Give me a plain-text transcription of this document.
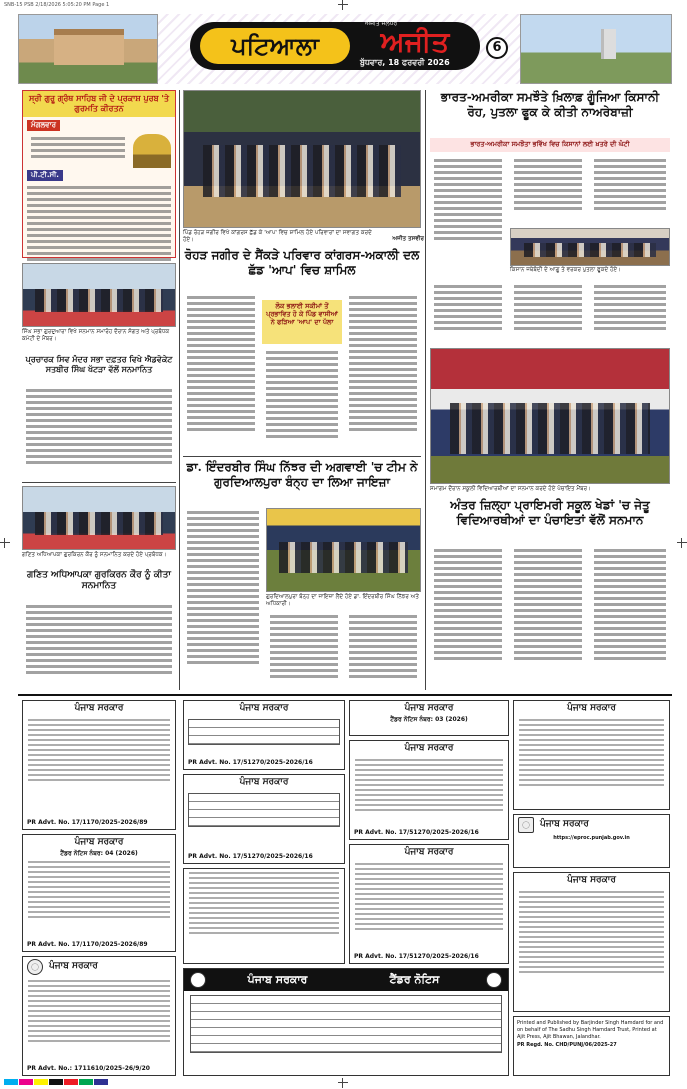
SNB-15 PSB 2/18/2026 5:05:20 PM Page 1
ਪਟਿਆਲਾ
ਅਜੀਤ ਜਲੰਧਰ
ਅਜੀਤ
ਬੁੱਧਵਾਰ, 18 ਫਰਵਰੀ 2026
6
ਸ੍ਰੀ ਗੁਰੂ ਗ੍ਰੰਥ ਸਾਹਿਬ ਜੀ ਦੇ ਪ੍ਰਕਾਸ਼ ਪੁਰਬ 'ਤੇ ਗੁਰਮਤਿ ਕੀਰਤਨ
ਮੰਗਲਵਾਰ
ਪੀ.ਟੀ.ਸੀ.
ਸਿੰਘ ਸਭਾ ਗੁਰਦੁਆਰਾ ਵਿਖੇ ਸਨਮਾਨ ਸਮਾਰੋਹ ਦੌਰਾਨ ਸੰਗਤ ਅਤੇ ਪ੍ਰਬੰਧਕ ਕਮੇਟੀ ਦੇ ਮੈਂਬਰ।
ਪ੍ਰਚਾਰਕ ਸਿਵ ਮੰਦਰ ਸਭਾ ਦਫ਼ਤਰ ਵਿਖੇ ਐਡਵੋਕੇਟ ਸਤਬੀਰ ਸਿੰਘ ਖੱਟੜਾ ਵੱਲੋਂ ਸਨਮਾਨਿਤ
ਗਣਿਤ ਅਧਿਆਪਕਾ ਗੁਰਕਿਰਨ ਕੌਰ ਨੂੰ ਸਨਮਾਨਿਤ ਕਰਦੇ ਹੋਏ ਪ੍ਰਬੰਧਕ।
ਗਣਿਤ ਅਧਿਆਪਕਾ ਗੁਰਕਿਰਨ ਕੌਰ ਨੂੰ ਕੀਤਾ ਸਨਮਾਨਿਤ
ਪਿੰਡ ਰੋਹੜ ਜਗੀਰ ਵਿਖੇ ਕਾਂਗਰਸ ਛੱਡ ਕੇ 'ਆਪ' ਵਿਚ ਸ਼ਾਮਿਲ ਹੋਏ ਪਰਿਵਾਰਾਂ ਦਾ ਸਵਾਗਤ ਕਰਦੇ ਹੋਏ।	ਅਜੀਤ ਤਸਵੀਰ
ਰੋਹੜ ਜਗੀਰ ਦੇ ਸੈਂਕੜੇ ਪਰਿਵਾਰ ਕਾਂਗਰਸ-ਅਕਾਲੀ ਦਲ ਛੱਡ 'ਆਪ' ਵਿਚ ਸ਼ਾਮਿਲ
ਲੋਕ ਭਲਾਈ ਸਕੀਮਾਂ ਤੋਂ ਪ੍ਰਭਾਵਿਤ ਹੋ ਕੇ ਪਿੰਡ ਵਾਸੀਆਂ ਨੇ ਫੜਿਆ 'ਆਪ' ਦਾ ਪੱਲਾ
ਡਾ. ਇੰਦਰਬੀਰ ਸਿੰਘ ਨਿੱਝਰ ਦੀ ਅਗਵਾਈ 'ਚ ਟੀਮ ਨੇ ਗੁਰਦਿਆਲਪੁਰਾ ਬੰਨ੍ਹ ਦਾ ਲਿਆ ਜਾਇਜ਼ਾ
ਗੁਰਦਿਆਲਪੁਰਾ ਬੰਨ੍ਹ ਦਾ ਜਾਇਜ਼ਾ ਲੈਂਦੇ ਹੋਏ ਡਾ. ਇੰਦਰਬੀਰ ਸਿੰਘ ਨਿੱਝਰ ਅਤੇ ਅਧਿਕਾਰੀ।
ਭਾਰਤ-ਅਮਰੀਕਾ ਸਮਝੌਤੇ ਖ਼ਿਲਾਫ਼ ਗੂੰਜਿਆ ਕਿਸਾਨੀ ਰੋਹ, ਪੁਤਲਾ ਫੂਕ ਕੇ ਕੀਤੀ ਨਾਅਰੇਬਾਜ਼ੀ
ਭਾਰਤ-ਅਮਰੀਕਾ ਸਮਝੌਤਾ ਭਵਿੱਖ ਵਿਚ ਕਿਸਾਨਾਂ ਲਈ ਖ਼ਤਰੇ ਦੀ ਘੰਟੀ
ਕਿਸਾਨ ਜਥੇਬੰਦੀ ਦੇ ਆਗੂ ਤੇ ਵਰਕਰ ਪੁਤਲਾ ਫੂਕਦੇ ਹੋਏ।
ਸਮਾਗਮ ਦੌਰਾਨ ਸਕੂਲੀ ਵਿਦਿਆਰਥੀਆਂ ਦਾ ਸਨਮਾਨ ਕਰਦੇ ਹੋਏ ਪੰਚਾਇਤ ਮੈਂਬਰ।
ਅੰਤਰ ਜ਼ਿਲ੍ਹਾ ਪ੍ਰਾਇਮਰੀ ਸਕੂਲ ਖੇਡਾਂ 'ਚ ਜੇਤੂ ਵਿਦਿਆਰਥੀਆਂ ਦਾ ਪੰਚਾਇਤਾਂ ਵੱਲੋਂ ਸਨਮਾਨ
ਪੰਜਾਬ ਸਰਕਾਰ
PR Advt. No. 17/1170/2025-2026/89
ਪੰਜਾਬ ਸਰਕਾਰ
ਟੈਂਡਰ ਨੋਟਿਸ ਨੰਬਰ: 04 (2026)
PR Advt. No. 17/1170/2025-2026/89
ਪੰਜਾਬ ਸਰਕਾਰ
PR Advt. No.: 1711610/2025-26/9/20
ਪੰਜਾਬ ਸਰਕਾਰ
PR Advt. No. 17/51270/2025-2026/16
ਪੰਜਾਬ ਸਰਕਾਰ
PR Advt. No. 17/51270/2025-2026/16
ਪੰਜਾਬ ਸਰਕਾਰ
ਟੈਂਡਰ ਨੋਟਿਸ ਨੰਬਰ: 03 (2026)
ਪੰਜਾਬ ਸਰਕਾਰ
PR Advt. No. 17/51270/2025-2026/16
ਪੰਜਾਬ ਸਰਕਾਰ
PR Advt. No. 17/51270/2025-2026/16
ਪੰਜਾਬ ਸਰਕਾਰ
ਪੰਜਾਬ ਸਰਕਾਰ
https://eproc.punjab.gov.in
ਪੰਜਾਬ ਸਰਕਾਰ
Printed and Published by Barjinder Singh Hamdard for and on behalf of The Sadhu Singh Hamdard Trust, Printed at Ajit Press, Ajit Bhawan, Jalandhar.
PR Regd. No. CHD/PUNJ/06/2025-27
ਪੰਜਾਬ ਸਰਕਾਰ	ਟੈਂਡਰ ਨੋਟਿਸ
